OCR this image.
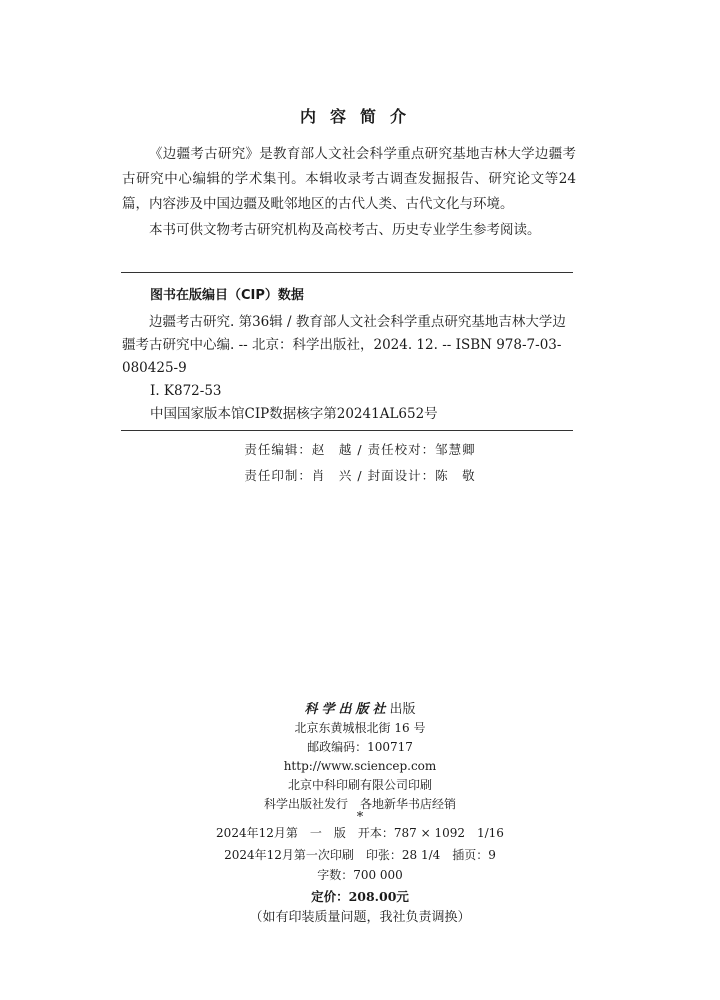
内容简介
《边疆考古研究》是教育部人文社会科学重点研究基地吉林大学边疆考古研究中心编辑的学术集刊。本辑收录考古调查发掘报告、研究论文等24篇，内容涉及中国边疆及毗邻地区的古代人类、古代文化与环境。
本书可供文物考古研究机构及高校考古、历史专业学生参考阅读。
图书在版编目（CIP）数据
边疆考古研究. 第36辑 / 教育部人文社会科学重点研究基地吉林大学边疆考古研究中心编. -- 北京：科学出版社，2024. 12. -- ISBN 978-7-03-080425-9
Ⅰ. K872-53
中国国家版本馆CIP数据核字第20241AL652号
责任编辑：赵　越 / 责任校对：邹慧卿
责任印制：肖　兴 / 封面设计：陈　敬
科学出版社出版
北京东黄城根北街 16 号
邮政编码：100717
http://www.sciencep.com
北京中科印刷有限公司印刷
科学出版社发行　各地新华书店经销
*
2024年12月第　一　版　开本：787 × 1092　1/16
2024年12月第一次印刷　印张：28 1/4　插页：9
字数：700 000
定价：208.00元
（如有印装质量问题，我社负责调换）
